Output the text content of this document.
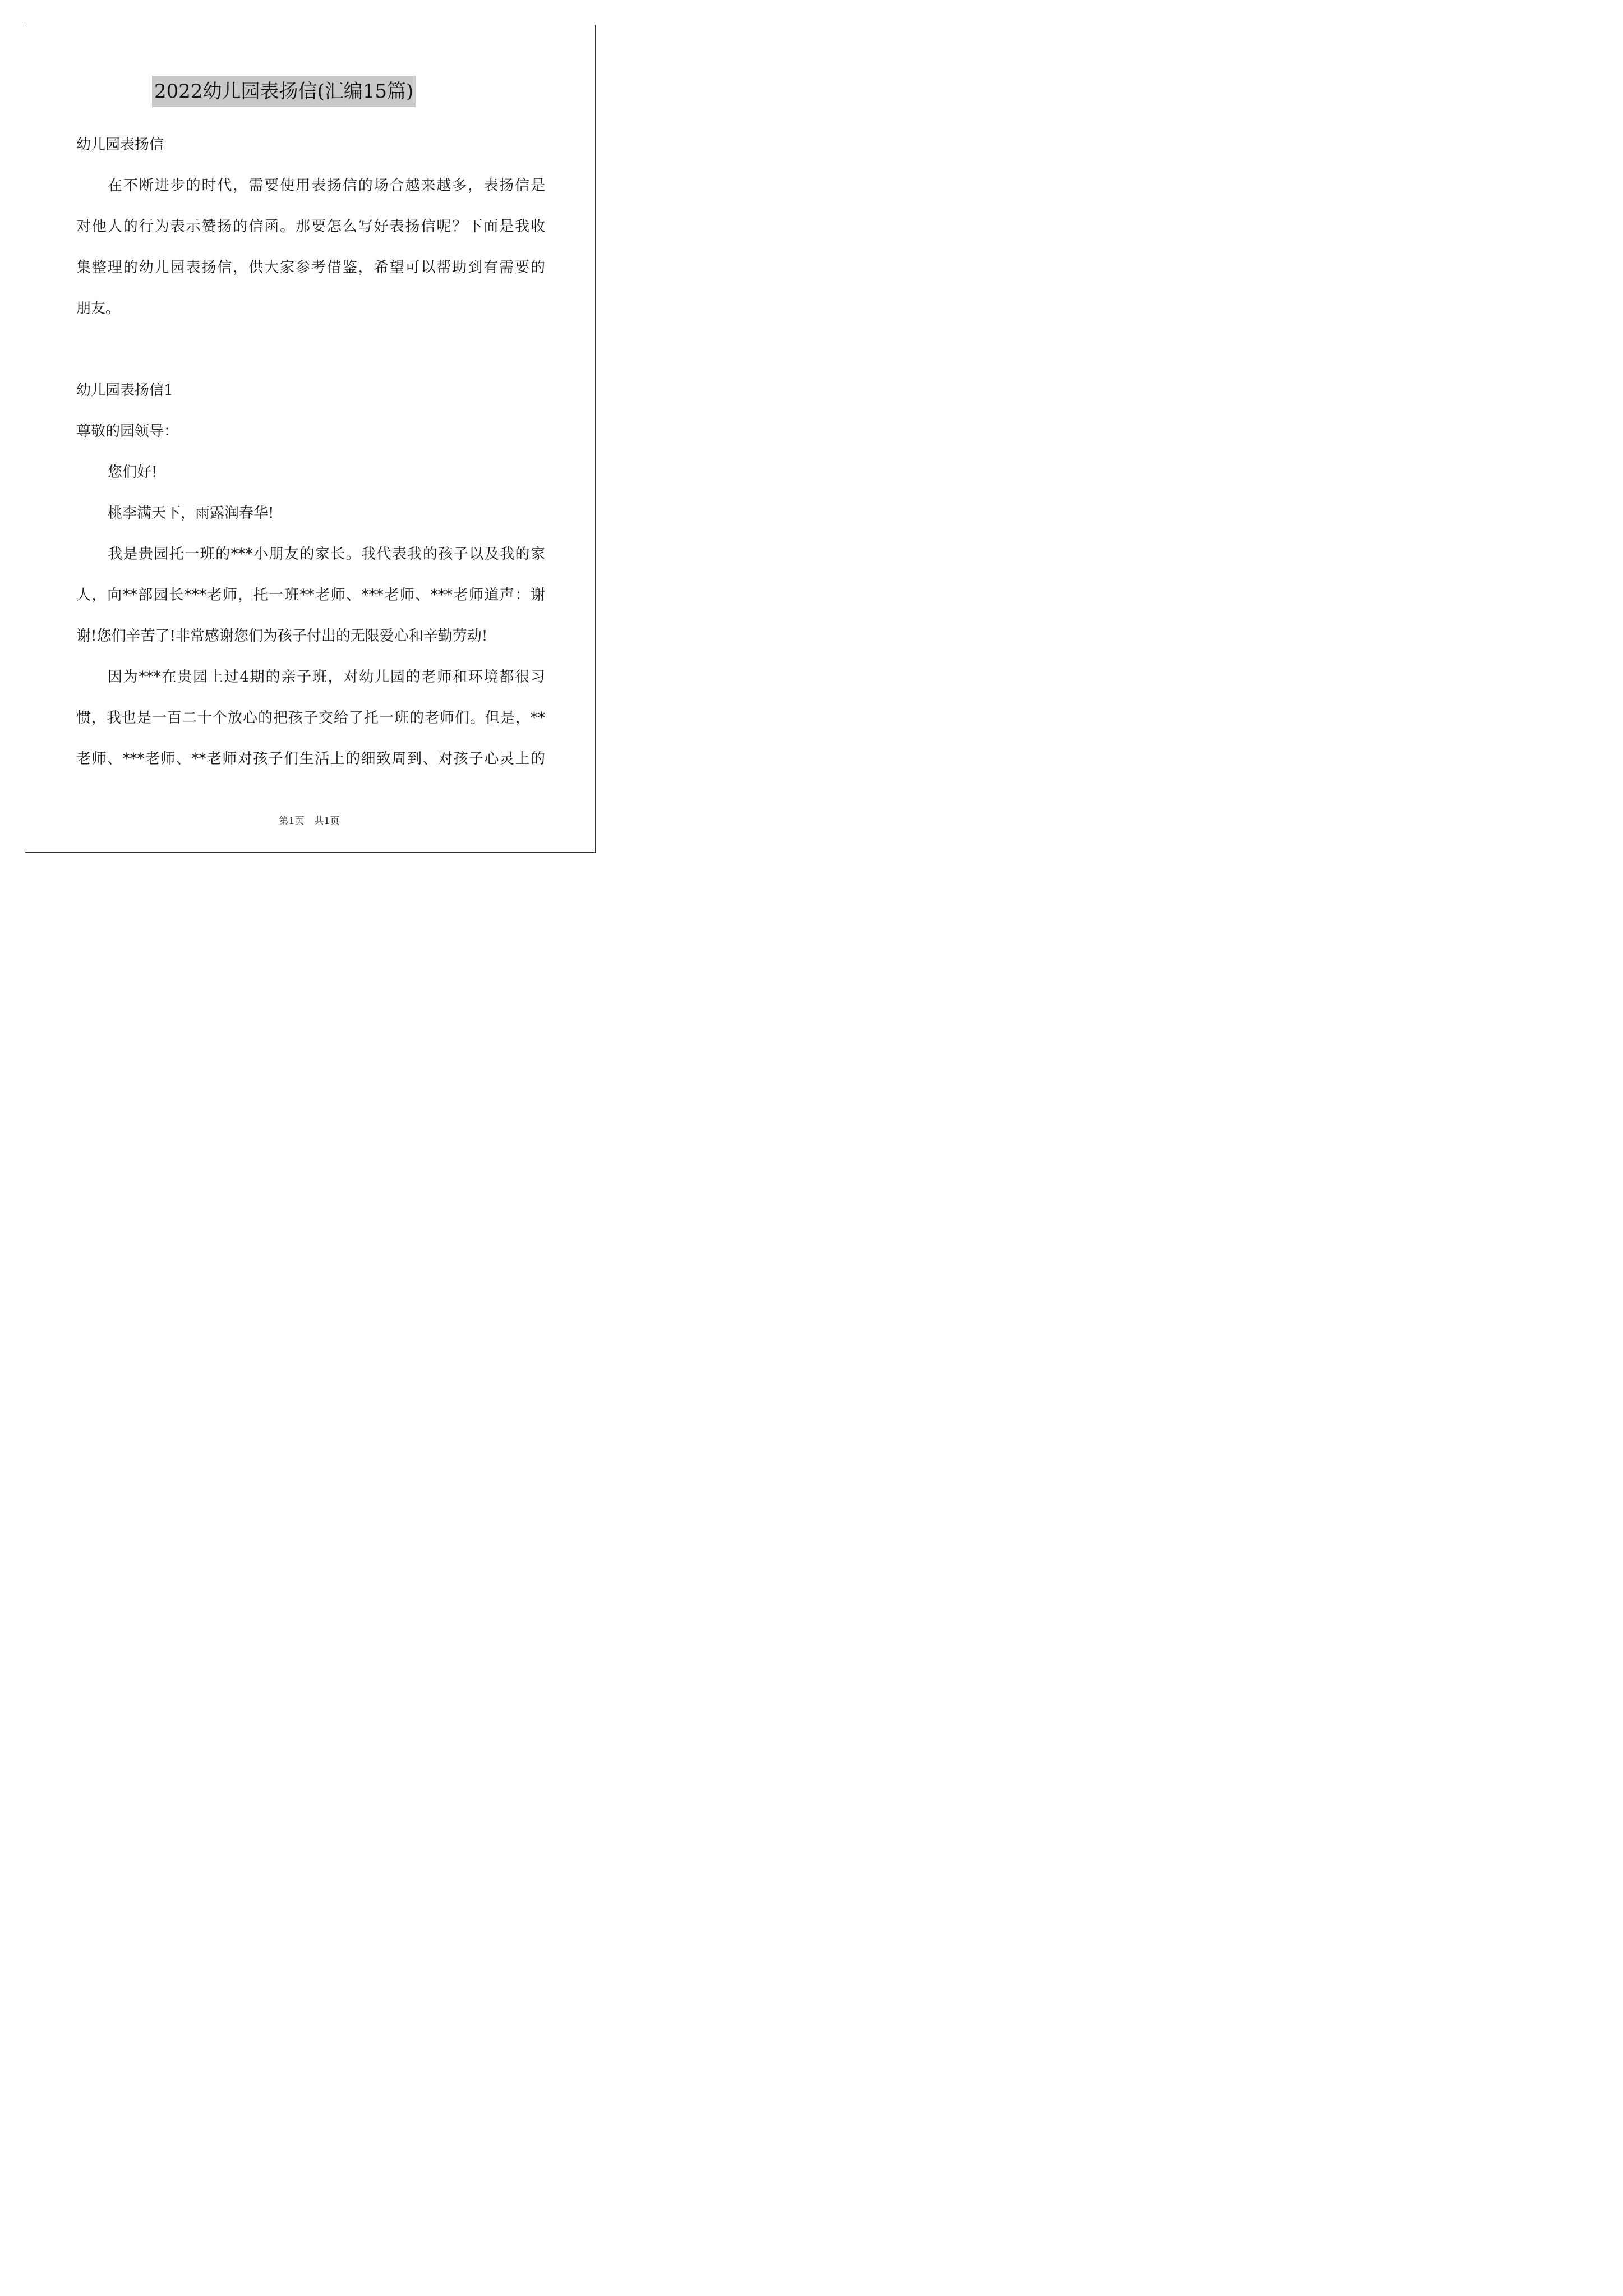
2022幼儿园表扬信(汇编15篇)
幼儿园表扬信
在不断进步的时代，需要使用表扬信的场合越来越多，表扬信是
对他人的行为表示赞扬的信函。那要怎么写好表扬信呢？下面是我收
集整理的幼儿园表扬信，供大家参考借鉴，希望可以帮助到有需要的
朋友。
幼儿园表扬信1
尊敬的园领导：
您们好!
桃李满天下，雨露润春华!
我是贵园托一班的***小朋友的家长。我代表我的孩子以及我的家
人，向**部园长***老师，托一班**老师、***老师、***老师道声：谢
谢!您们辛苦了!非常感谢您们为孩子付出的无限爱心和辛勤劳动!
因为***在贵园上过4期的亲子班，对幼儿园的老师和环境都很习
惯，我也是一百二十个放心的把孩子交给了托一班的老师们。但是，**
老师、***老师、**老师对孩子们生活上的细致周到、对孩子心灵上的
第1页 共1页
